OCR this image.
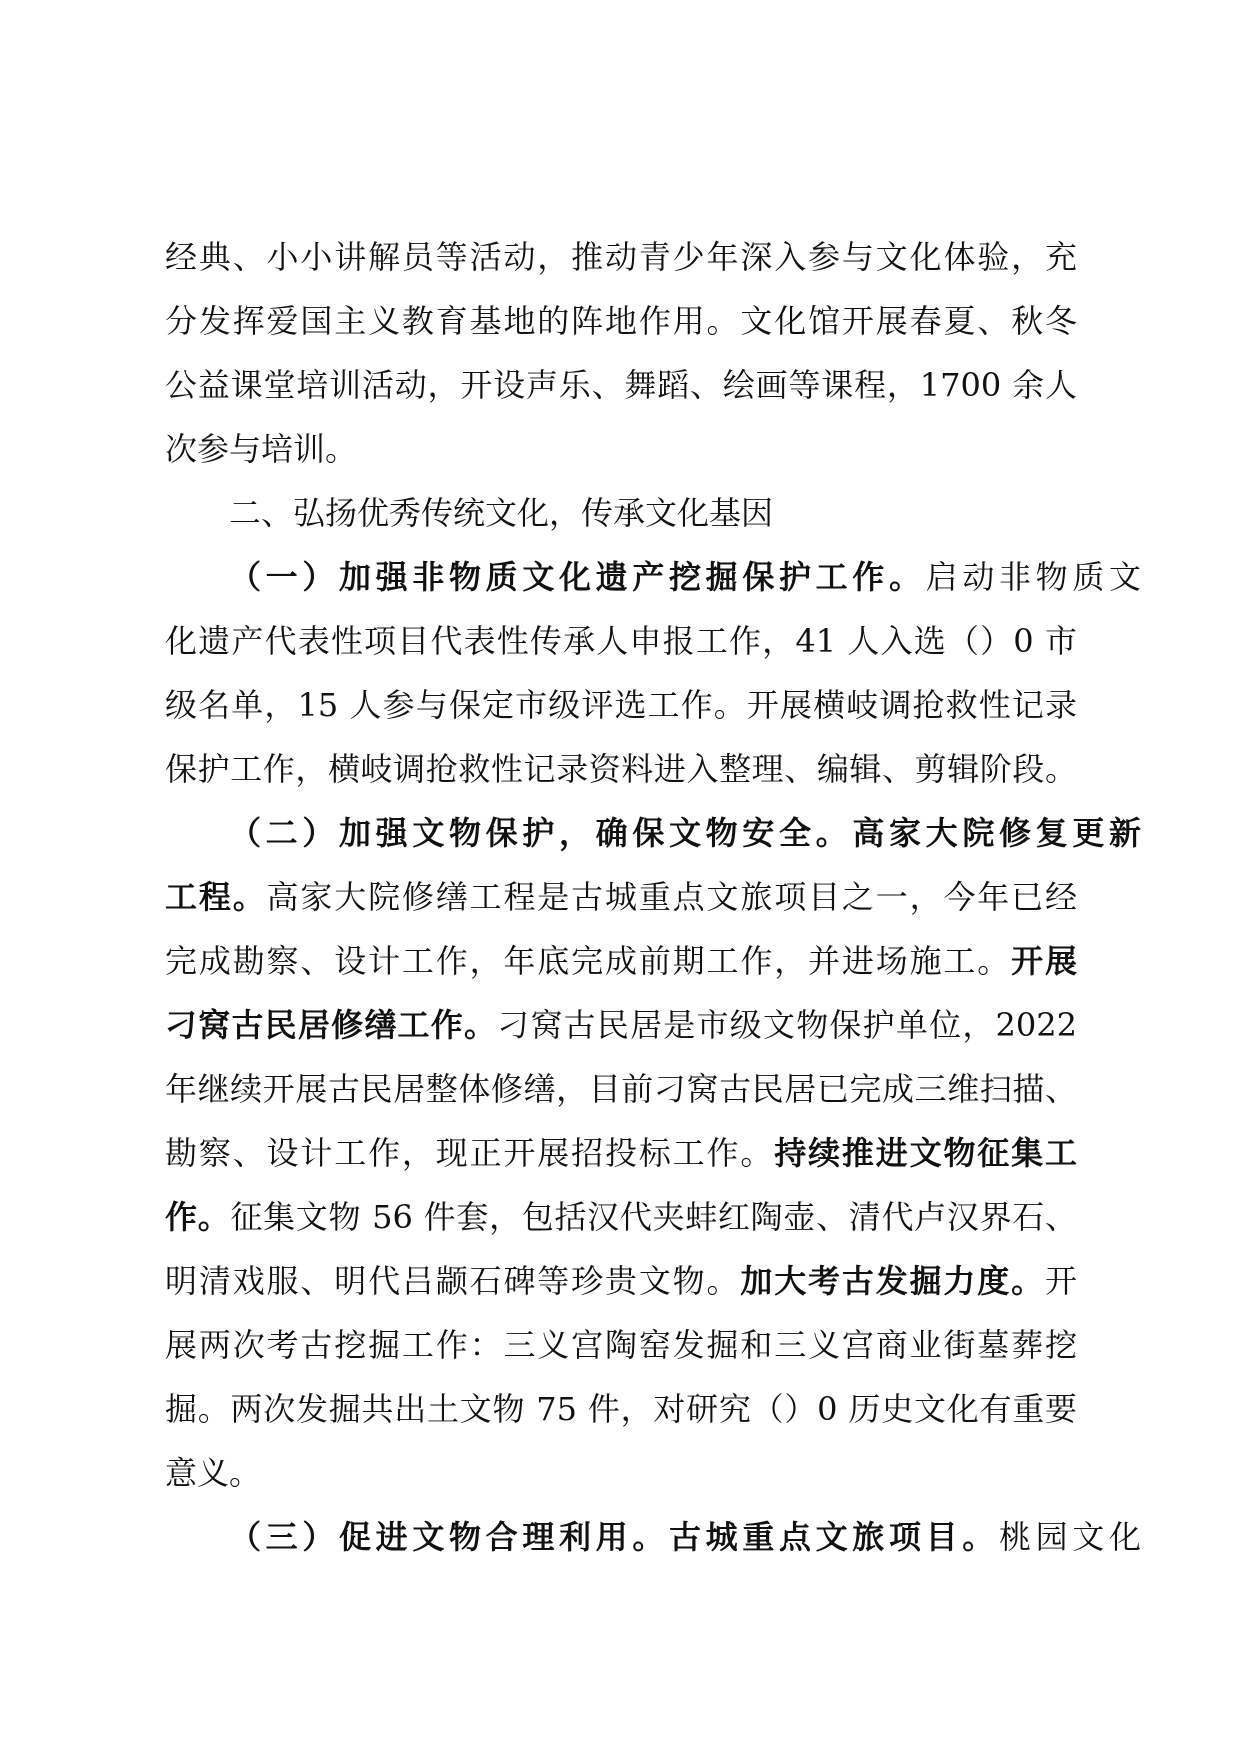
经典、小小讲解员等活动，推动青少年深入参与文化体验，充
分发挥爱国主义教育基地的阵地作用。文化馆开展春夏、秋冬
公益课堂培训活动，开设声乐、舞蹈、绘画等课程，1700 余人
次参与培训。
二、弘扬优秀传统文化，传承文化基因
（一）加强非物质文化遗产挖掘保护工作。启动非物质文
化遗产代表性项目代表性传承人申报工作，41 人入选（）0 市
级名单，15 人参与保定市级评选工作。开展横岐调抢救性记录
保护工作，横岐调抢救性记录资料进入整理、编辑、剪辑阶段。
（二）加强文物保护，确保文物安全。高家大院修复更新
工程。高家大院修缮工程是古城重点文旅项目之一，今年已经
完成勘察、设计工作，年底完成前期工作，并进场施工。开展
刁窝古民居修缮工作。刁窝古民居是市级文物保护单位，2022
年继续开展古民居整体修缮，目前刁窝古民居已完成三维扫描、
勘察、设计工作，现正开展招投标工作。持续推进文物征集工
作。征集文物 56 件套，包括汉代夹蚌红陶壶、清代卢汉界石、
明清戏服、明代吕颛石碑等珍贵文物。加大考古发掘力度。开
展两次考古挖掘工作：三义宫陶窑发掘和三义宫商业街墓葬挖
掘。两次发掘共出土文物 75 件，对研究（）0 历史文化有重要
意义。
（三）促进文物合理利用。古城重点文旅项目。桃园文化
